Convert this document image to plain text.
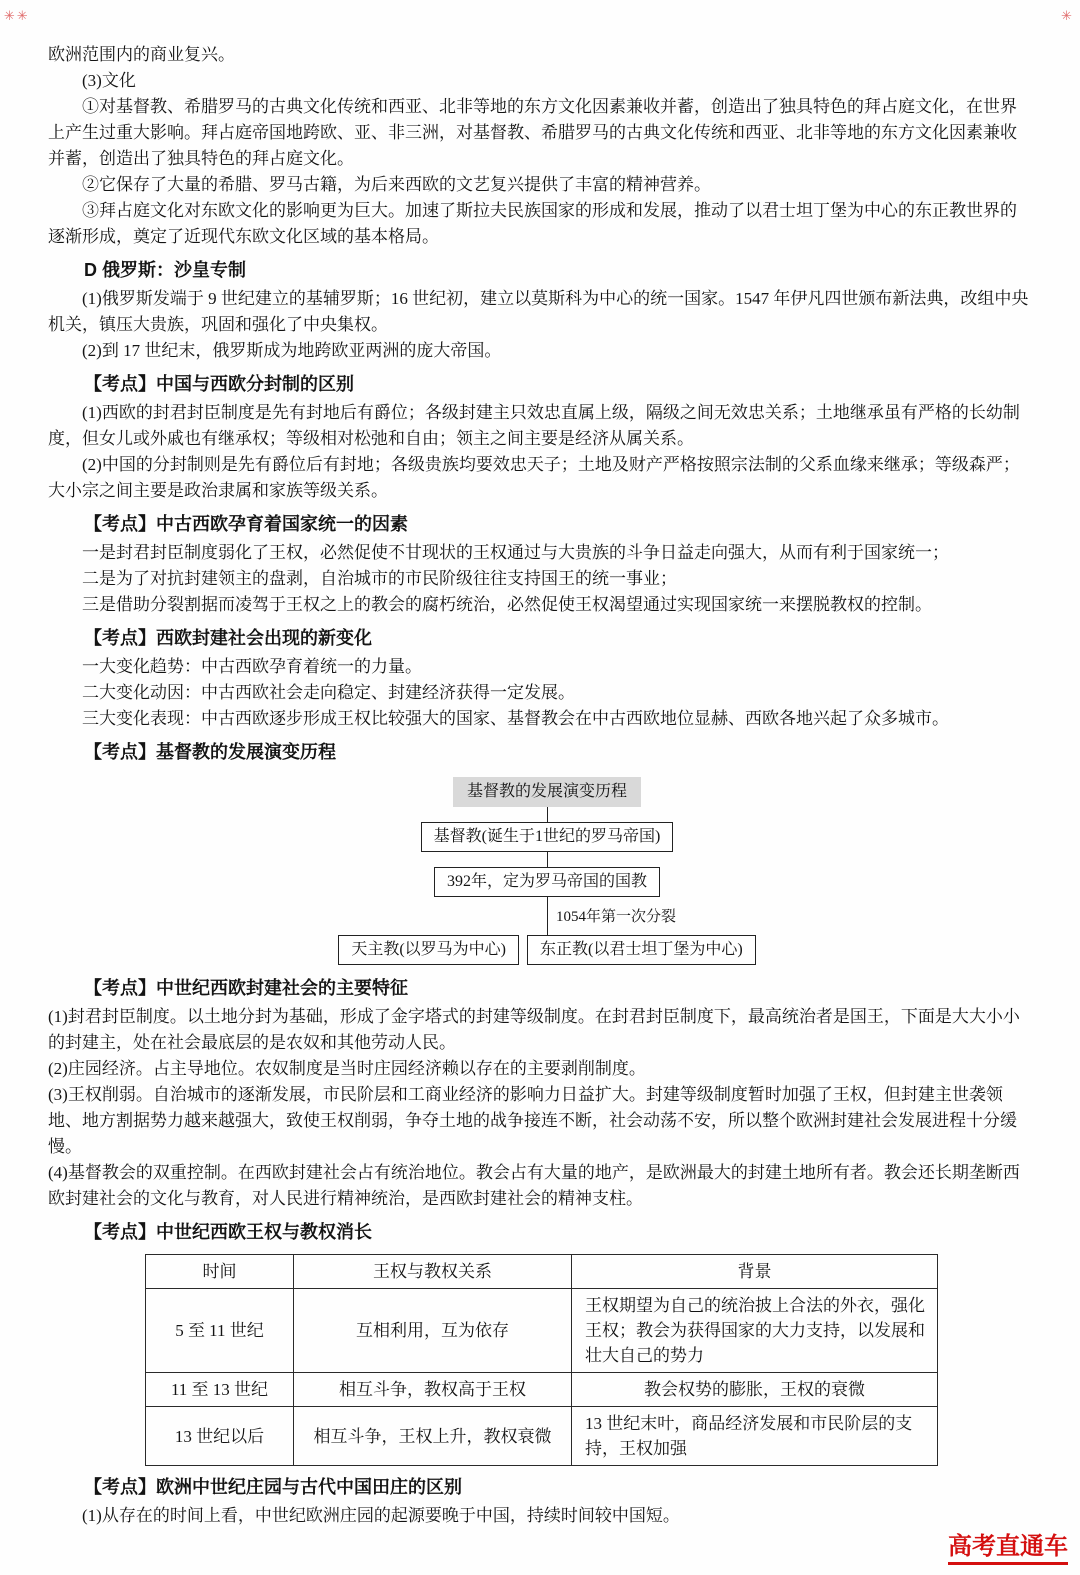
✳✳	✳

欧洲范围内的商业复兴。

(3)文化

①对基督教、希腊罗马的古典文化传统和西亚、北非等地的东方文化因素兼收并蓄，创造出了独具特色的拜占庭文化，在世界上产生过重大影响。拜占庭帝国地跨欧、亚、非三洲，对基督教、希腊罗马的古典文化传统和西亚、北非等地的东方文化因素兼收并蓄，创造出了独具特色的拜占庭文化。

②它保存了大量的希腊、罗马古籍，为后来西欧的文艺复兴提供了丰富的精神营养。

③拜占庭文化对东欧文化的影响更为巨大。加速了斯拉夫民族国家的形成和发展，推动了以君士坦丁堡为中心的东正教世界的逐渐形成，奠定了近现代东欧文化区域的基本格局。

D 俄罗斯：沙皇专制

(1)俄罗斯发端于 9 世纪建立的基辅罗斯；16 世纪初，建立以莫斯科为中心的统一国家。1547 年伊凡四世颁布新法典，改组中央机关，镇压大贵族，巩固和强化了中央集权。

(2)到 17 世纪末，俄罗斯成为地跨欧亚两洲的庞大帝国。

【考点】中国与西欧分封制的区别

(1)西欧的封君封臣制度是先有封地后有爵位；各级封建主只效忠直属上级，隔级之间无效忠关系；土地继承虽有严格的长幼制度，但女儿或外戚也有继承权；等级相对松弛和自由；领主之间主要是经济从属关系。

(2)中国的分封制则是先有爵位后有封地；各级贵族均要效忠天子；土地及财产严格按照宗法制的父系血缘来继承；等级森严；大小宗之间主要是政治隶属和家族等级关系。

【考点】中古西欧孕育着国家统一的因素

一是封君封臣制度弱化了王权，必然促使不甘现状的王权通过与大贵族的斗争日益走向强大，从而有利于国家统一；

二是为了对抗封建领主的盘剥，自治城市的市民阶级往往支持国王的统一事业；

三是借助分裂割据而凌驾于王权之上的教会的腐朽统治，必然促使王权渴望通过实现国家统一来摆脱教权的控制。

【考点】西欧封建社会出现的新变化

一大变化趋势：中古西欧孕育着统一的力量。

二大变化动因：中古西欧社会走向稳定、封建经济获得一定发展。

三大变化表现：中古西欧逐步形成王权比较强大的国家、基督教会在中古西欧地位显赫、西欧各地兴起了众多城市。

【考点】基督教的发展演变历程

基督教的发展演变历程
基督教(诞生于1世纪的罗马帝国)
392年，定为罗马帝国的国教
1054年第一次分裂
天主教(以罗马为中心)	东正教(以君士坦丁堡为中心)

【考点】中世纪西欧封建社会的主要特征

(1)封君封臣制度。以土地分封为基础，形成了金字塔式的封建等级制度。在封君封臣制度下，最高统治者是国王，下面是大大小小的封建主，处在社会最底层的是农奴和其他劳动人民。

(2)庄园经济。占主导地位。农奴制度是当时庄园经济赖以存在的主要剥削制度。

(3)王权削弱。自治城市的逐渐发展，市民阶层和工商业经济的影响力日益扩大。封建等级制度暂时加强了王权，但封建主世袭领地、地方割据势力越来越强大，致使王权削弱，争夺土地的战争接连不断，社会动荡不安，所以整个欧洲封建社会发展进程十分缓慢。

(4)基督教会的双重控制。在西欧封建社会占有统治地位。教会占有大量的地产，是欧洲最大的封建土地所有者。教会还长期垄断西欧封建社会的文化与教育，对人民进行精神统治，是西欧封建社会的精神支柱。

【考点】中世纪西欧王权与教权消长

时间	王权与教权关系	背景
5 至 11 世纪	互相利用，互为依存	王权期望为自己的统治披上合法的外衣，强化王权；教会为获得国家的大力支持，以发展和壮大自己的势力
11 至 13 世纪	相互斗争，教权高于王权	教会权势的膨胀，王权的衰微
13 世纪以后	相互斗争，王权上升，教权衰微	13 世纪末叶，商品经济发展和市民阶层的支持，王权加强

【考点】欧洲中世纪庄园与古代中国田庄的区别

(1)从存在的时间上看，中世纪欧洲庄园的起源要晚于中国，持续时间较中国短。

高考直通车
